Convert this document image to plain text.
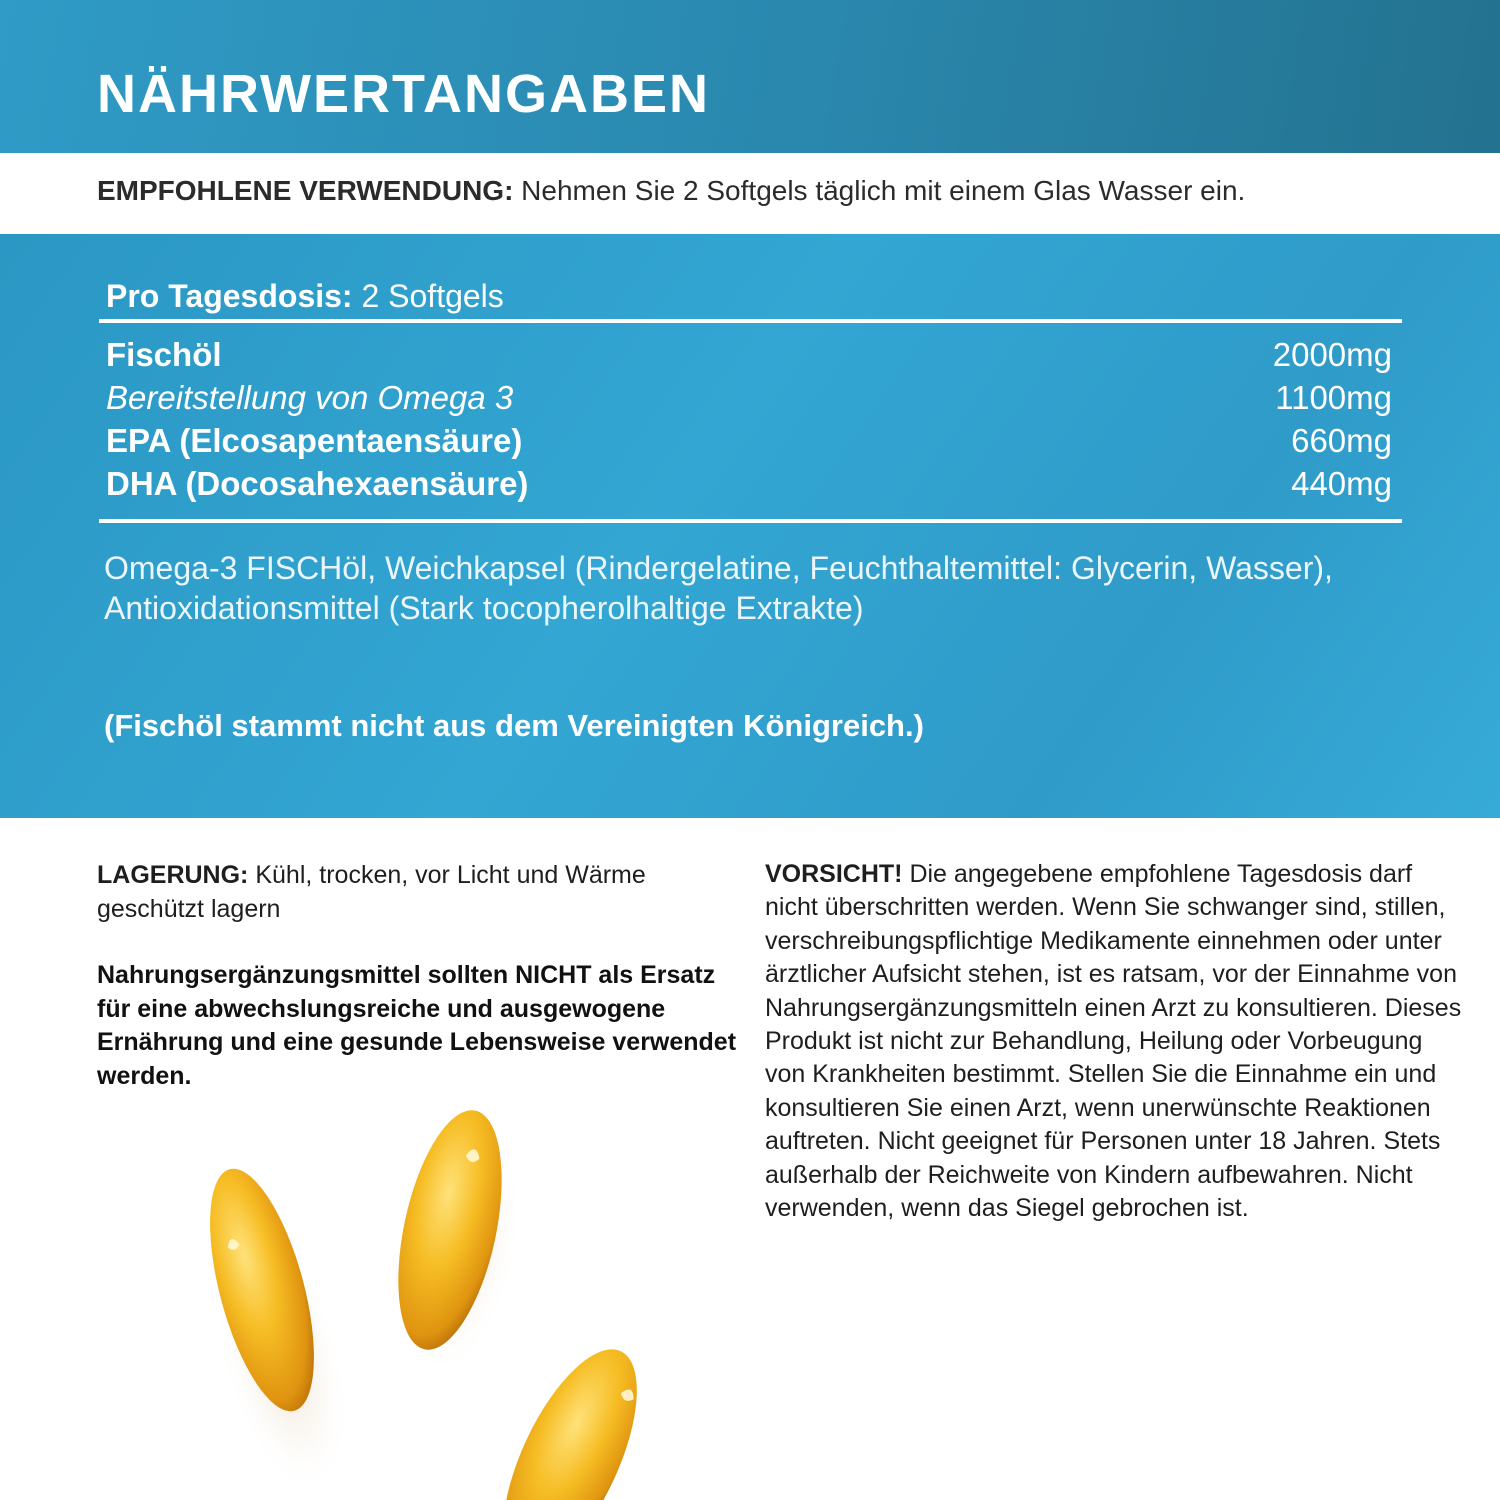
NÄHRWERTANGABEN

EMPFOHLENE VERWENDUNG: Nehmen Sie 2 Softgels täglich mit einem Glas Wasser ein.

Pro Tagesdosis: 2 Softgels

Fischöl	2000mg
Bereitstellung von Omega 3	1100mg
EPA (Elcosapentaensäure)	660mg
DHA (Docosahexaensäure)	440mg

Omega-3 FISCHöl, Weichkapsel (Rindergelatine, Feuchthaltemittel: Glycerin, Wasser), Antioxidationsmittel (Stark tocopherolhaltige Extrakte)

(Fischöl stammt nicht aus dem Vereinigten Königreich.)

LAGERUNG: Kühl, trocken, vor Licht und Wärme geschützt lagern

Nahrungsergänzungsmittel sollten NICHT als Ersatz für eine abwechslungsreiche und ausgewogene Ernährung und eine gesunde Lebensweise verwendet werden.

VORSICHT! Die angegebene empfohlene Tagesdosis darf nicht überschritten werden. Wenn Sie schwanger sind, stillen, verschreibungspflichtige Medikamente einnehmen oder unter ärztlicher Aufsicht stehen, ist es ratsam, vor der Einnahme von Nahrungsergänzungsmitteln einen Arzt zu konsultieren. Dieses Produkt ist nicht zur Behandlung, Heilung oder Vorbeugung von Krankheiten bestimmt. Stellen Sie die Einnahme ein und konsultieren Sie einen Arzt, wenn unerwünschte Reaktionen auftreten. Nicht geeignet für Personen unter 18 Jahren. Stets außerhalb der Reichweite von Kindern aufbewahren. Nicht verwenden, wenn das Siegel gebrochen ist.
